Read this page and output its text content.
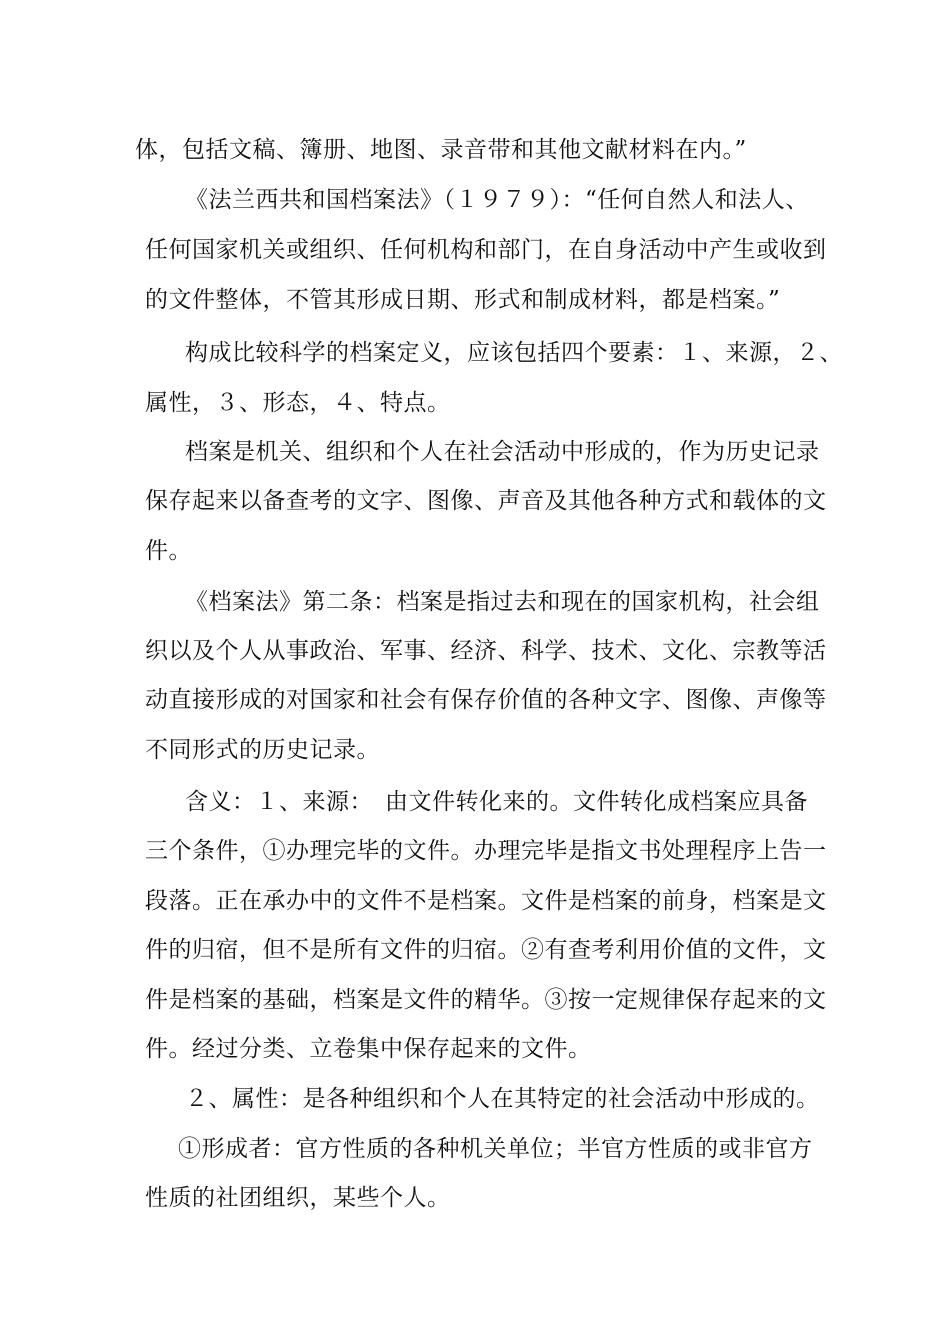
体，包括文稿、簿册、地图、录音带和其他文献材料在内。”
《法兰西共和国档案法》（１９７９）：“任何自然人和法人、
任何国家机关或组织、任何机构和部门，在自身活动中产生或收到
的文件整体，不管其形成日期、形式和制成材料，都是档案。”
构成比较科学的档案定义，应该包括四个要素：１、来源，２、
属性，３、形态，４、特点。
档案是机关、组织和个人在社会活动中形成的，作为历史记录
保存起来以备查考的文字、图像、声音及其他各种方式和载体的文
件。
《档案法》第二条：档案是指过去和现在的国家机构，社会组
织以及个人从事政治、军事、经济、科学、技术、文化、宗教等活
动直接形成的对国家和社会有保存价值的各种文字、图像、声像等
不同形式的历史记录。
含义：１、来源：　由文件转化来的。文件转化成档案应具备
三个条件，①办理完毕的文件。办理完毕是指文书处理程序上告一
段落。正在承办中的文件不是档案。文件是档案的前身，档案是文
件的归宿，但不是所有文件的归宿。②有查考利用价值的文件，文
件是档案的基础，档案是文件的精华。③按一定规律保存起来的文
件。经过分类、立卷集中保存起来的文件。
２、属性：是各种组织和个人在其特定的社会活动中形成的。
①形成者：官方性质的各种机关单位；半官方性质的或非官方
性质的社团组织，某些个人。
